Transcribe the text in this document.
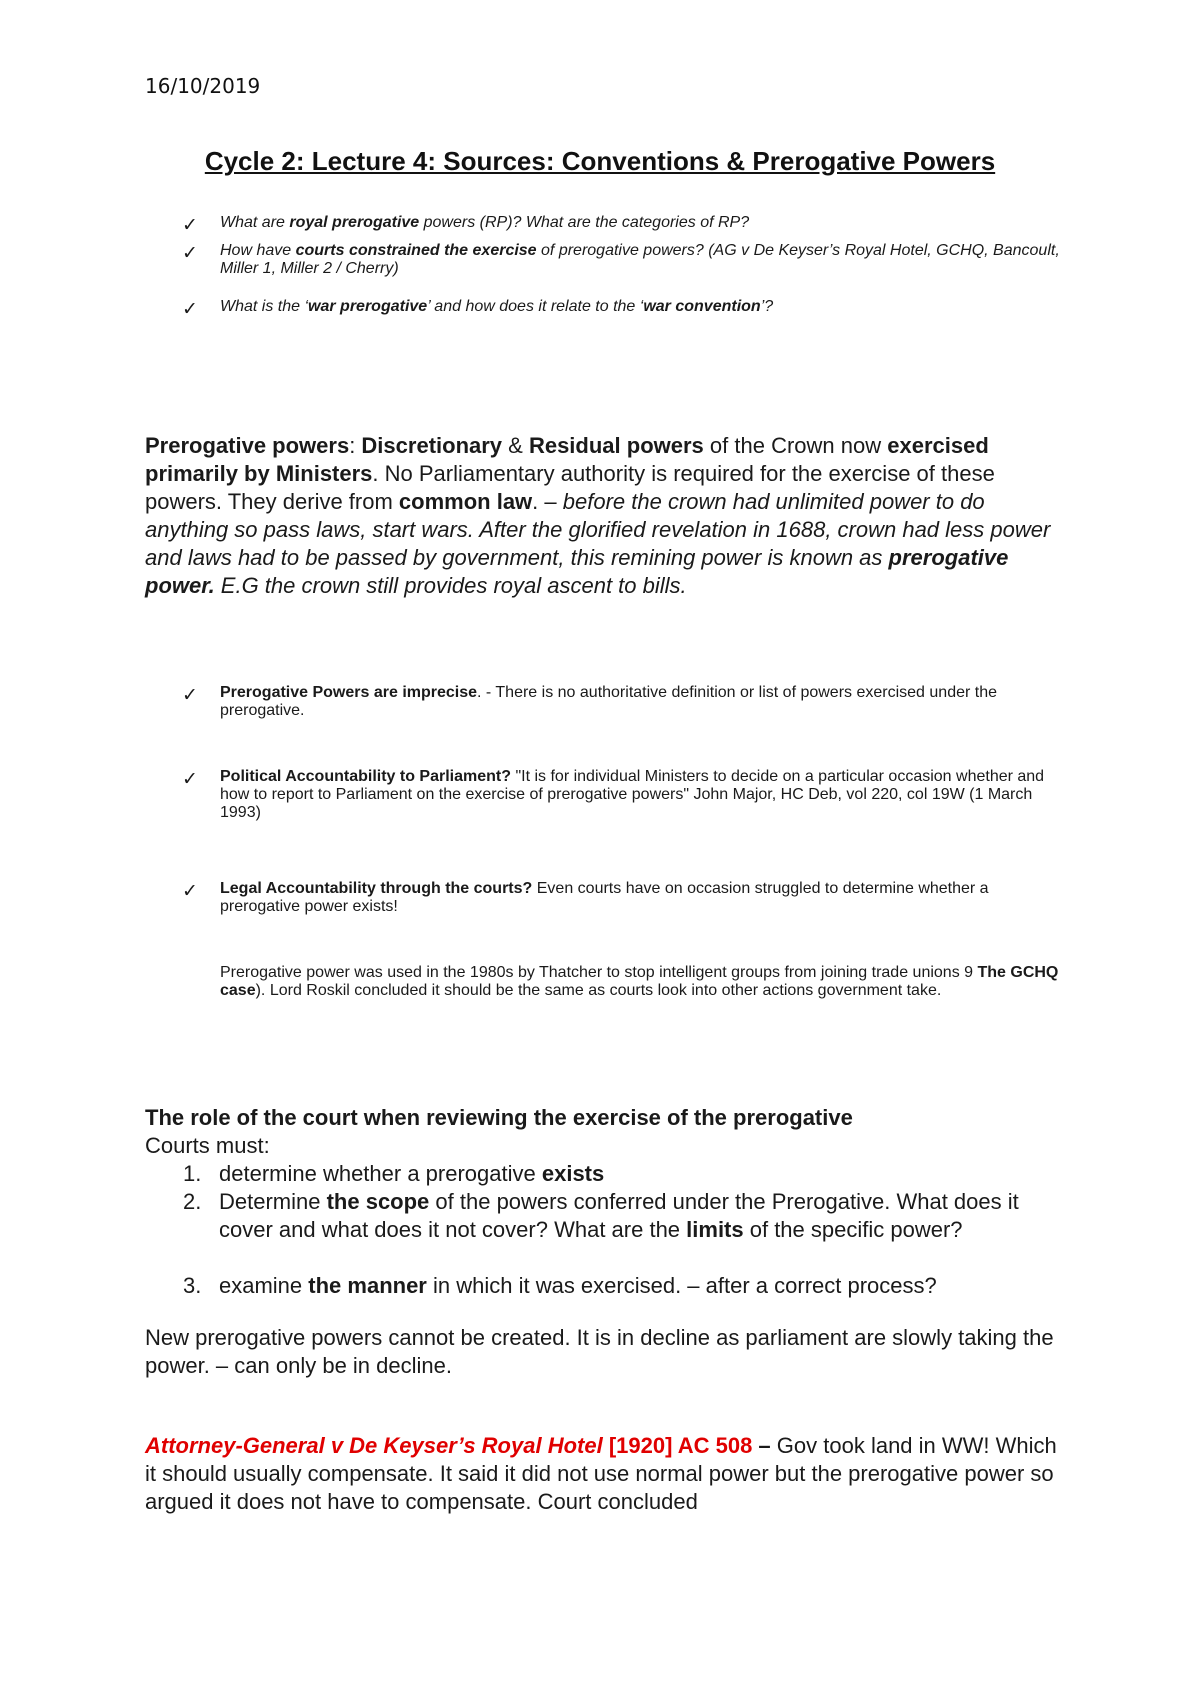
16/10/2019
Cycle 2: Lecture 4: Sources: Conventions & Prerogative Powers
✓	What are royal prerogative powers (RP)? What are the categories of RP?
✓	How have courts constrained the exercise of prerogative powers? (AG v De Keyser’s Royal Hotel, GCHQ, Bancoult, Miller 1, Miller 2 / Cherry)
✓	What is the ‘war prerogative’ and how does it relate to the ‘war convention’?
Prerogative powers: Discretionary & Residual powers of the Crown now exercised primarily by Ministers. No Parliamentary authority is required for the exercise of these powers. They derive from common law. – before the crown had unlimited power to do anything so pass laws, start wars. After the glorified revelation in 1688, crown had less power and laws had to be passed by government, this remining power is known as prerogative power. E.G the crown still provides royal ascent to bills.
✓	Prerogative Powers are imprecise. - There is no authoritative definition or list of powers exercised under the prerogative.
✓	Political Accountability to Parliament? "It is for individual Ministers to decide on a particular occasion whether and how to report to Parliament on the exercise of prerogative powers" John Major, HC Deb, vol 220, col 19W (1 March 1993)
✓	Legal Accountability through the courts? Even courts have on occasion struggled to determine whether a prerogative power exists!
Prerogative power was used in the 1980s by Thatcher to stop intelligent groups from joining trade unions 9 The GCHQ case). Lord Roskil concluded it should be the same as courts look into other actions government take.
The role of the court when reviewing the exercise of the prerogative
Courts must:
1. determine whether a prerogative exists
2. Determine the scope of the powers conferred under the Prerogative. What does it cover and what does it not cover? What are the limits of the specific power?
3. examine the manner in which it was exercised. – after a correct process?
New prerogative powers cannot be created. It is in decline as parliament are slowly taking the power. – can only be in decline.
Attorney-General v De Keyser’s Royal Hotel [1920] AC 508 – Gov took land in WW! Which it should usually compensate. It said it did not use normal power but the prerogative power so argued it does not have to compensate. Court concluded
